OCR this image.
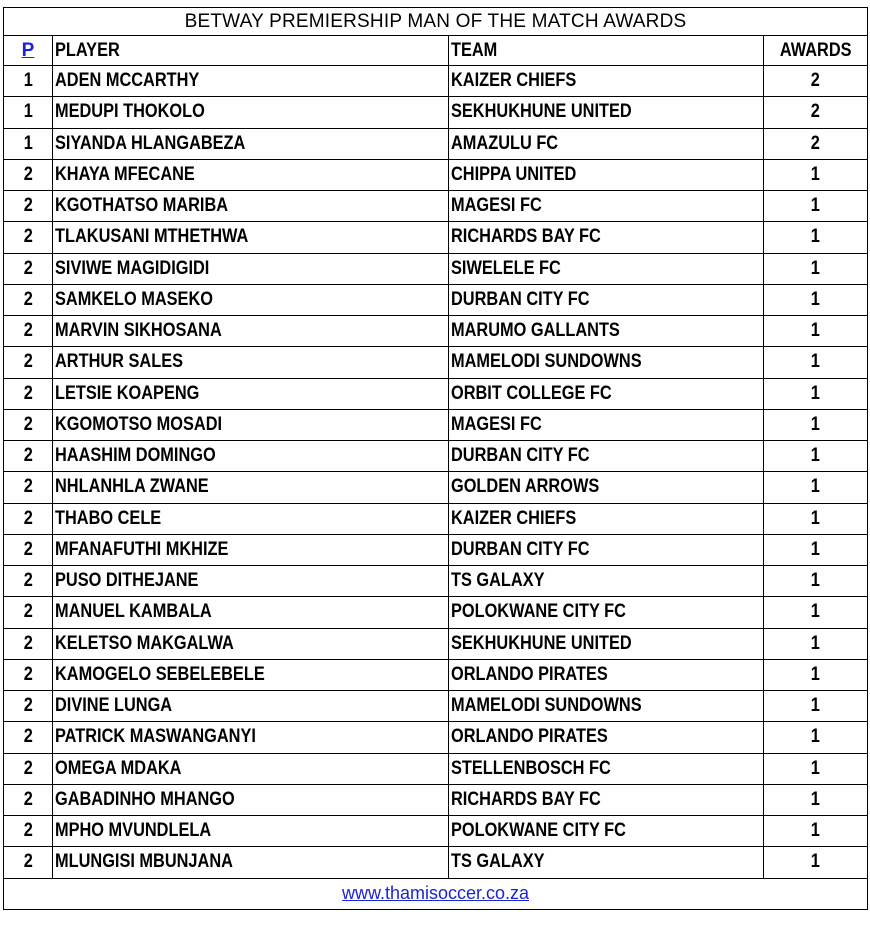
BETWAY PREMIERSHIP MAN OF THE MATCH AWARDS			
P	PLAYER	TEAM	AWARDS
1	ADEN MCCARTHY	KAIZER CHIEFS	2
1	MEDUPI THOKOLO	SEKHUKHUNE UNITED	2
1	SIYANDA HLANGABEZA	AMAZULU FC	2
2	KHAYA MFECANE	CHIPPA UNITED	1
2	KGOTHATSO MARIBA	MAGESI FC	1
2	TLAKUSANI MTHETHWA	RICHARDS BAY FC	1
2	SIVIWE MAGIDIGIDI	SIWELELE FC	1
2	SAMKELO MASEKO	DURBAN CITY FC	1
2	MARVIN SIKHOSANA	MARUMO GALLANTS	1
2	ARTHUR SALES	MAMELODI SUNDOWNS	1
2	LETSIE KOAPENG	ORBIT COLLEGE FC	1
2	KGOMOTSO MOSADI	MAGESI FC	1
2	HAASHIM DOMINGO	DURBAN CITY FC	1
2	NHLANHLA ZWANE	GOLDEN ARROWS	1
2	THABO CELE	KAIZER CHIEFS	1
2	MFANAFUTHI MKHIZE	DURBAN CITY FC	1
2	PUSO DITHEJANE	TS GALAXY	1
2	MANUEL KAMBALA	POLOKWANE CITY FC	1
2	KELETSO MAKGALWA	SEKHUKHUNE UNITED	1
2	KAMOGELO SEBELEBELE	ORLANDO PIRATES	1
2	DIVINE LUNGA	MAMELODI SUNDOWNS	1
2	PATRICK MASWANGANYI	ORLANDO PIRATES	1
2	OMEGA MDAKA	STELLENBOSCH FC	1
2	GABADINHO MHANGO	RICHARDS BAY FC	1
2	MPHO MVUNDLELA	POLOKWANE CITY FC	1
2	MLUNGISI MBUNJANA	TS GALAXY	1
www.thamisoccer.co.za			
